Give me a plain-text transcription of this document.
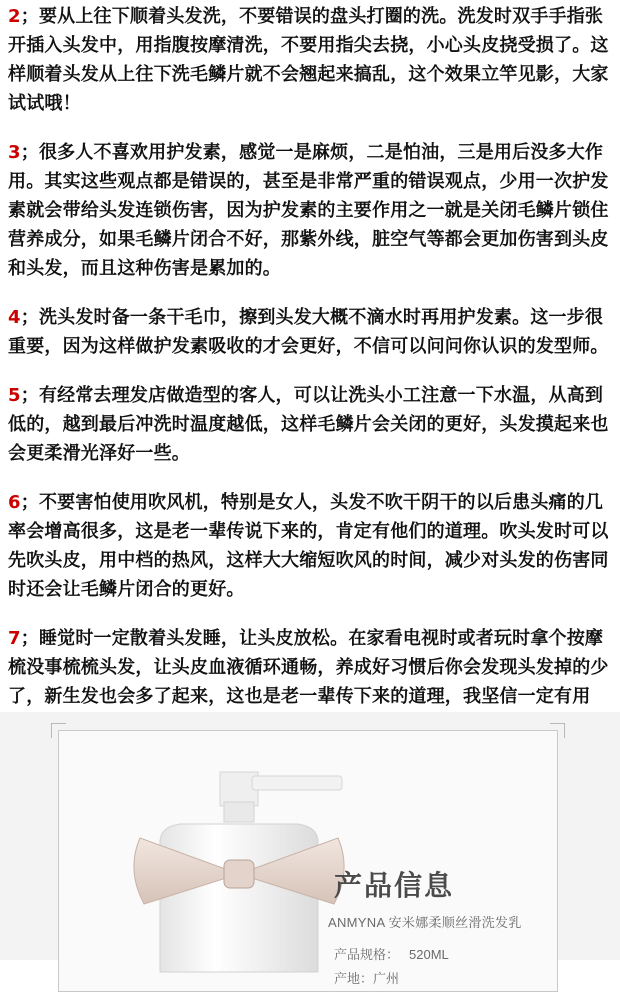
2；要从上往下顺着头发洗，不要错误的盘头打圈的洗。洗发时双手手指张开插入头发中，用指腹按摩清洗，不要用指尖去挠，小心头皮挠受损了。这样顺着头发从上往下洗毛鳞片就不会翘起来搞乱，这个效果立竿见影，大家试试哦！

3；很多人不喜欢用护发素，感觉一是麻烦，二是怕油，三是用后没多大作用。其实这些观点都是错误的，甚至是非常严重的错误观点，少用一次护发素就会带给头发连锁伤害，因为护发素的主要作用之一就是关闭毛鳞片锁住营养成分，如果毛鳞片闭合不好，那紫外线，脏空气等都会更加伤害到头皮和头发，而且这种伤害是累加的。

4；洗头发时备一条干毛巾，擦到头发大概不滴水时再用护发素。这一步很重要，因为这样做护发素吸收的才会更好，不信可以问问你认识的发型师。

5；有经常去理发店做造型的客人，可以让洗头小工注意一下水温，从高到低的，越到最后冲洗时温度越低，这样毛鳞片会关闭的更好，头发摸起来也会更柔滑光泽好一些。

6；不要害怕使用吹风机，特别是女人，头发不吹干阴干的以后患头痛的几率会增高很多，这是老一辈传说下来的，肯定有他们的道理。吹头发时可以先吹头皮，用中档的热风，这样大大缩短吹风的时间，减少对头发的伤害同时还会让毛鳞片闭合的更好。

7；睡觉时一定散着头发睡，让头皮放松。在家看电视时或者玩时拿个按摩梳没事梳梳头发，让头皮血液循环通畅，养成好习惯后你会发现头发掉的少了，新生发也会多了起来，这也是老一辈传下来的道理，我坚信一定有用

产品信息
ANMYNA 安米娜柔顺丝滑洗发乳
产品规格： 520ML
产地：广州
